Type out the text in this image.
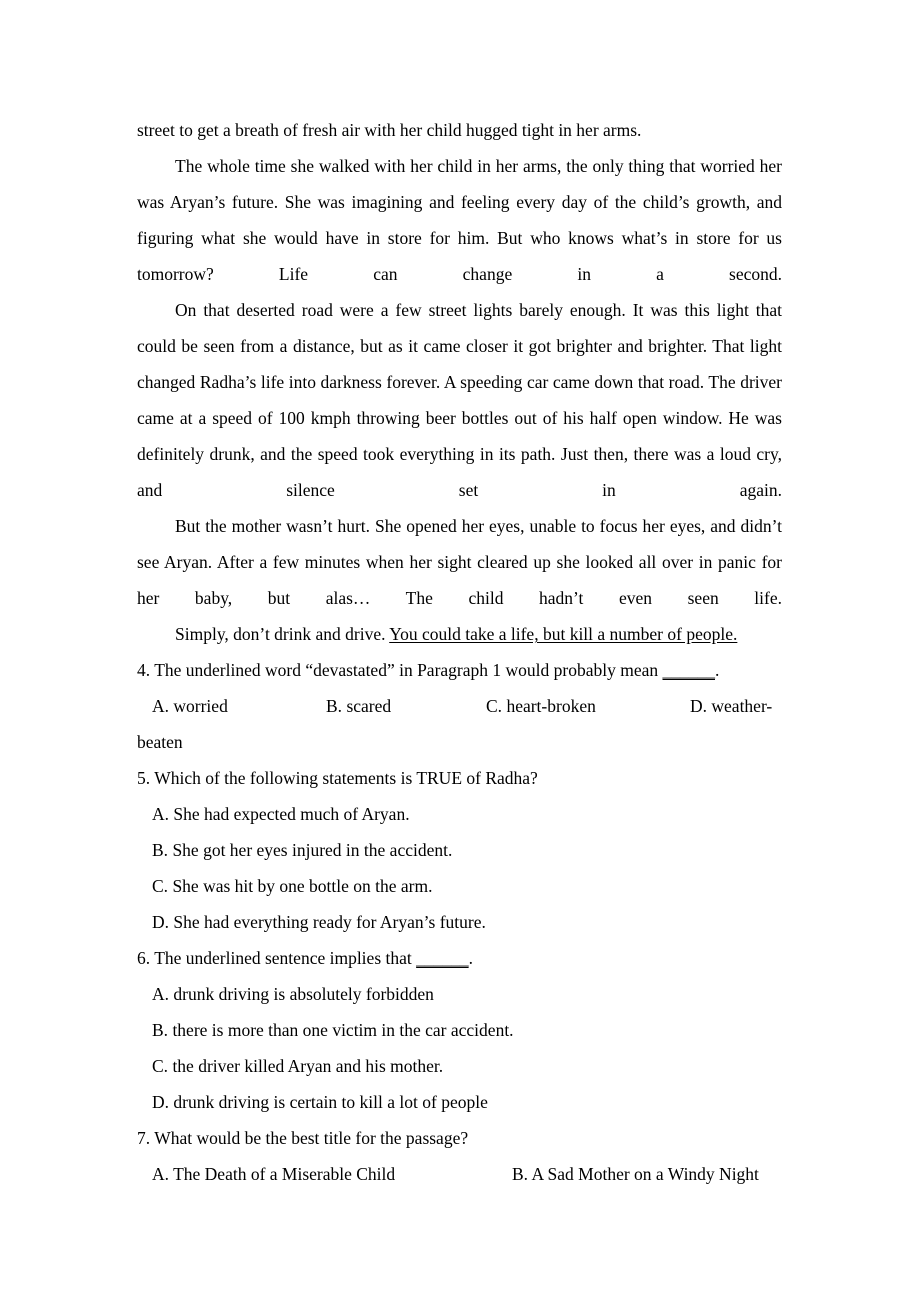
street to get a breath of fresh air with her child hugged tight in her arms.

The whole time she walked with her child in her arms, the only thing that worried her was Aryan’s future. She was imagining and feeling every day of the child’s growth, and figuring what she would have in store for him. But who knows what’s in store for us tomorrow? Life can change in a second.

On that deserted road were a few street lights barely enough. It was this light that could be seen from a distance, but as it came closer it got brighter and brighter. That light changed Radha’s life into darkness forever. A speeding car came down that road. The driver came at a speed of 100 kmph throwing beer bottles out of his half open window. He was definitely drunk, and the speed took everything in its path. Just then, there was a loud cry, and silence set in again.

But the mother wasn’t hurt. She opened her eyes, unable to focus her eyes, and didn’t see Aryan. After a few minutes when her sight cleared up she looked all over in panic for her baby, but alas… The child hadn’t even seen life.

Simply, don’t drink and drive. You could take a life, but kill a number of people.

4. The underlined word “devastated” in Paragraph 1 would probably mean ______.

A. worried	B. scared	C. heart-broken	D. weather-

beaten

5. Which of the following statements is TRUE of Radha?

A. She had expected much of Aryan.

B. She got her eyes injured in the accident.

C. She was hit by one bottle on the arm.

D. She had everything ready for Aryan’s future.

6. The underlined sentence implies that ______.

A. drunk driving is absolutely forbidden

B. there is more than one victim in the car accident.

C. the driver killed Aryan and his mother.

D. drunk driving is certain to kill a lot of people

7. What would be the best title for the passage?

A. The Death of a Miserable Child	B. A Sad Mother on a Windy Night
